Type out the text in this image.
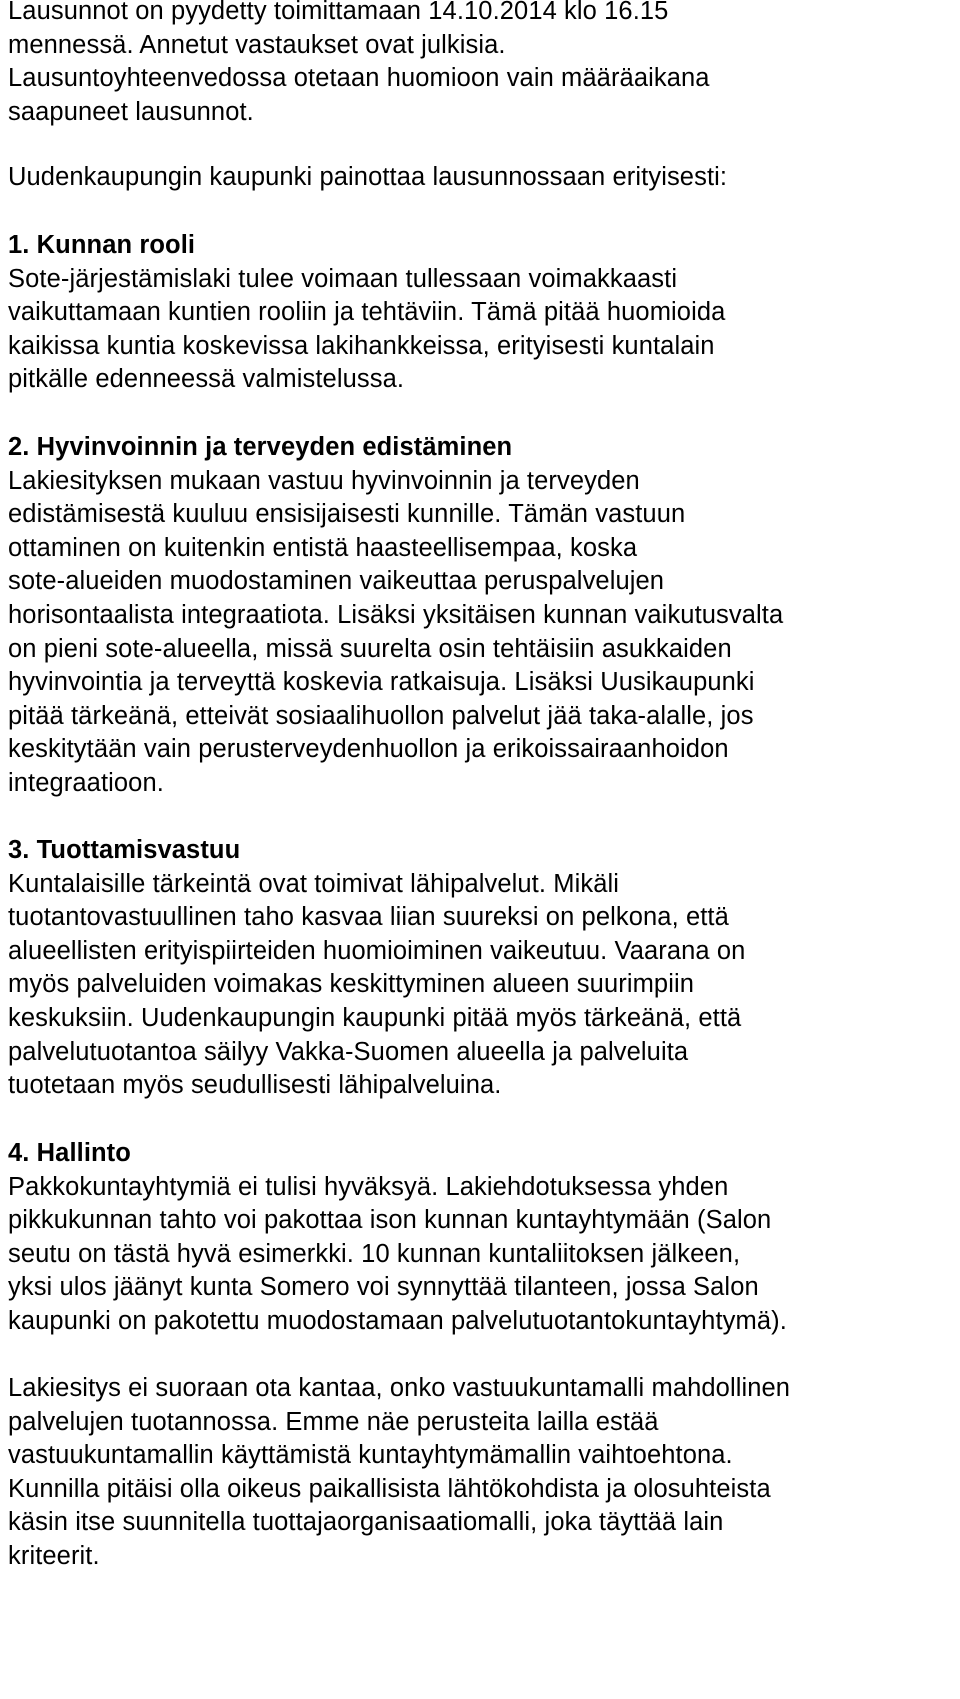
Lausunnot on pyydetty toimittamaan 14.10.2014 klo 16.15
mennessä. Annetut vastaukset ovat julkisia.
Lausuntoyhteenvedossa otetaan huomioon vain määräaikana
saapuneet lausunnot.
Uudenkaupungin kaupunki painottaa lausunnossaan erityisesti:
1. Kunnan rooli
Sote-järjestämislaki tulee voimaan tullessaan voimakkaasti
vaikuttamaan kuntien rooliin ja tehtäviin. Tämä pitää huomioida
kaikissa kuntia koskevissa lakihankkeissa, erityisesti kuntalain
pitkälle edenneessä valmistelussa.
2. Hyvinvoinnin ja terveyden edistäminen
Lakiesityksen mukaan vastuu hyvinvoinnin ja terveyden
edistämisestä kuuluu ensisijaisesti kunnille. Tämän vastuun
ottaminen on kuitenkin entistä haasteellisempaa, koska
sote-alueiden muodostaminen vaikeuttaa peruspalvelujen
horisontaalista integraatiota. Lisäksi yksitäisen kunnan vaikutusvalta
on pieni sote-alueella, missä suurelta osin tehtäisiin asukkaiden
hyvinvointia ja terveyttä koskevia ratkaisuja. Lisäksi Uusikaupunki
pitää tärkeänä, etteivät sosiaalihuollon palvelut jää taka-alalle, jos
keskitytään vain perusterveydenhuollon ja erikoissairaanhoidon
integraatioon.
3. Tuottamisvastuu
Kuntalaisille tärkeintä ovat toimivat lähipalvelut. Mikäli
tuotantovastuullinen taho kasvaa liian suureksi on pelkona, että
alueellisten erityispiirteiden huomioiminen vaikeutuu. Vaarana on
myös palveluiden voimakas keskittyminen alueen suurimpiin
keskuksiin. Uudenkaupungin kaupunki pitää myös tärkeänä, että
palvelutuotantoa säilyy Vakka-Suomen alueella ja palveluita
tuotetaan myös seudullisesti lähipalveluina.
4. Hallinto
Pakkokuntayhtymiä ei tulisi hyväksyä. Lakiehdotuksessa yhden
pikkukunnan tahto voi pakottaa ison kunnan kuntayhtymään (Salon
seutu on tästä hyvä esimerkki. 10 kunnan kuntaliitoksen jälkeen,
yksi ulos jäänyt kunta Somero voi synnyttää tilanteen, jossa Salon
kaupunki on pakotettu muodostamaan palvelutuotantokuntayhtymä).
Lakiesitys ei suoraan ota kantaa, onko vastuukuntamalli mahdollinen
palvelujen tuotannossa. Emme näe perusteita lailla estää
vastuukuntamallin käyttämistä kuntayhtymämallin vaihtoehtona.
Kunnilla pitäisi olla oikeus paikallisista lähtökohdista ja olosuhteista
käsin itse suunnitella tuottajaorganisaatiomalli, joka täyttää lain
kriteerit.
